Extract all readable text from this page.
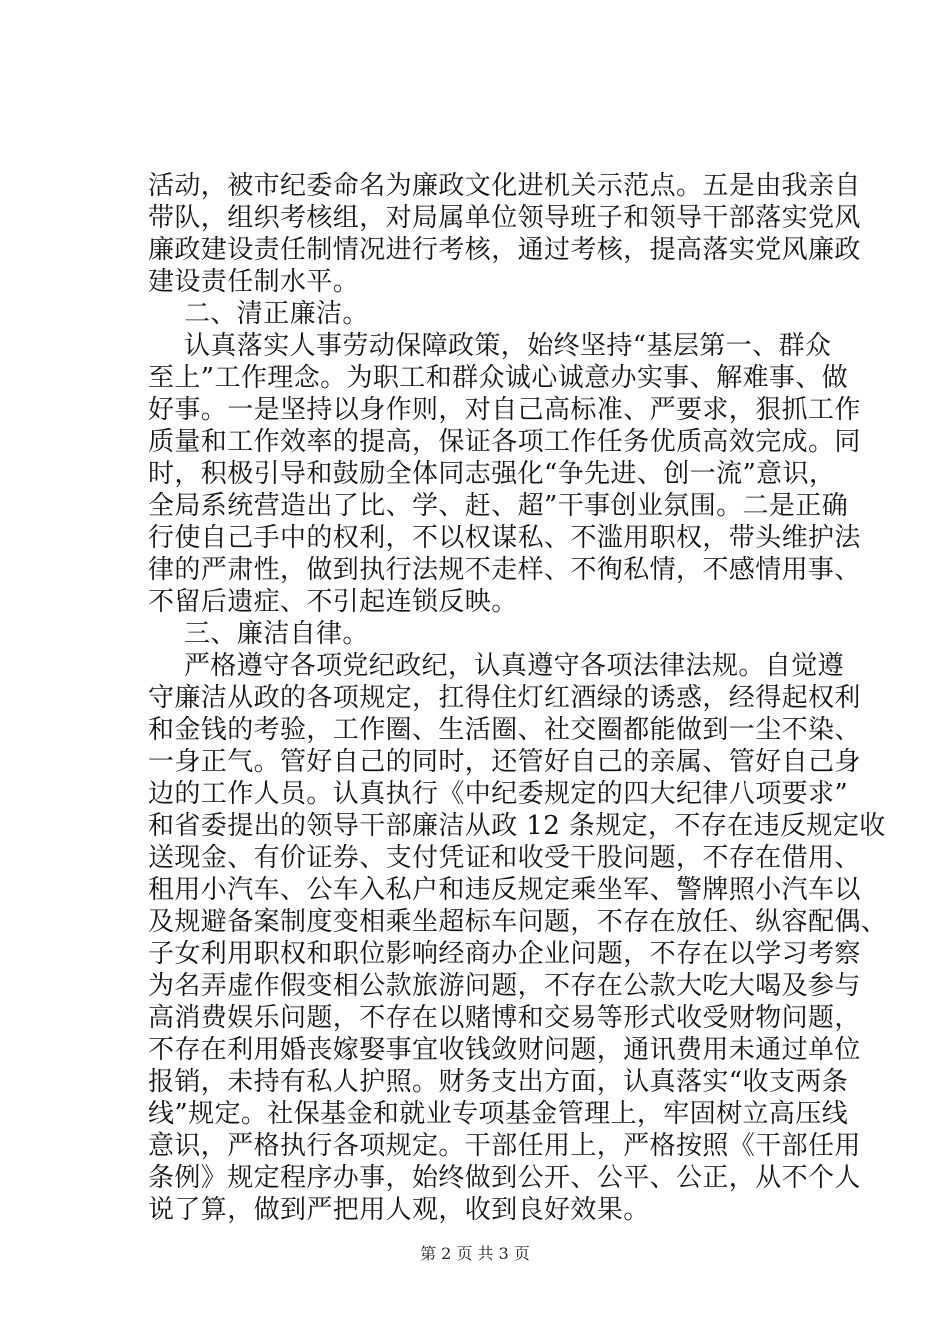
活动，被市纪委命名为廉政文化进机关示范点。五是由我亲自
带队，组织考核组，对局属单位领导班子和领导干部落实党风
廉政建设责任制情况进行考核，通过考核，提高落实党风廉政
建设责任制水平。
二、清正廉洁。
认真落实人事劳动保障政策，始终坚持“基层第一、群众
至上”工作理念。为职工和群众诚心诚意办实事、解难事、做
好事。一是坚持以身作则，对自己高标准、严要求，狠抓工作
质量和工作效率的提高，保证各项工作任务优质高效完成。同
时，积极引导和鼓励全体同志强化“争先进、创一流”意识，
全局系统营造出了比、学、赶、超”干事创业氛围。二是正确
行使自己手中的权利，不以权谋私、不滥用职权，带头维护法
律的严肃性，做到执行法规不走样、不徇私情，不感情用事、
不留后遗症、不引起连锁反映。
三、廉洁自律。
严格遵守各项党纪政纪，认真遵守各项法律法规。自觉遵
守廉洁从政的各项规定，扛得住灯红酒绿的诱惑，经得起权利
和金钱的考验，工作圈、生活圈、社交圈都能做到一尘不染、
一身正气。管好自己的同时，还管好自己的亲属、管好自己身
边的工作人员。认真执行《中纪委规定的四大纪律八项要求”
和省委提出的领导干部廉洁从政 12 条规定，不存在违反规定收
送现金、有价证券、支付凭证和收受干股问题，不存在借用、
租用小汽车、公车入私户和违反规定乘坐军、警牌照小汽车以
及规避备案制度变相乘坐超标车问题，不存在放任、纵容配偶、
子女利用职权和职位影响经商办企业问题，不存在以学习考察
为名弄虚作假变相公款旅游问题，不存在公款大吃大喝及参与
高消费娱乐问题，不存在以赌博和交易等形式收受财物问题，
不存在利用婚丧嫁娶事宜收钱敛财问题，通讯费用未通过单位
报销，未持有私人护照。财务支出方面，认真落实“收支两条
线”规定。社保基金和就业专项基金管理上，牢固树立高压线
意识，严格执行各项规定。干部任用上，严格按照《干部任用
条例》规定程序办事，始终做到公开、公平、公正，从不个人
说了算，做到严把用人观，收到良好效果。
第 2 页 共 3 页
